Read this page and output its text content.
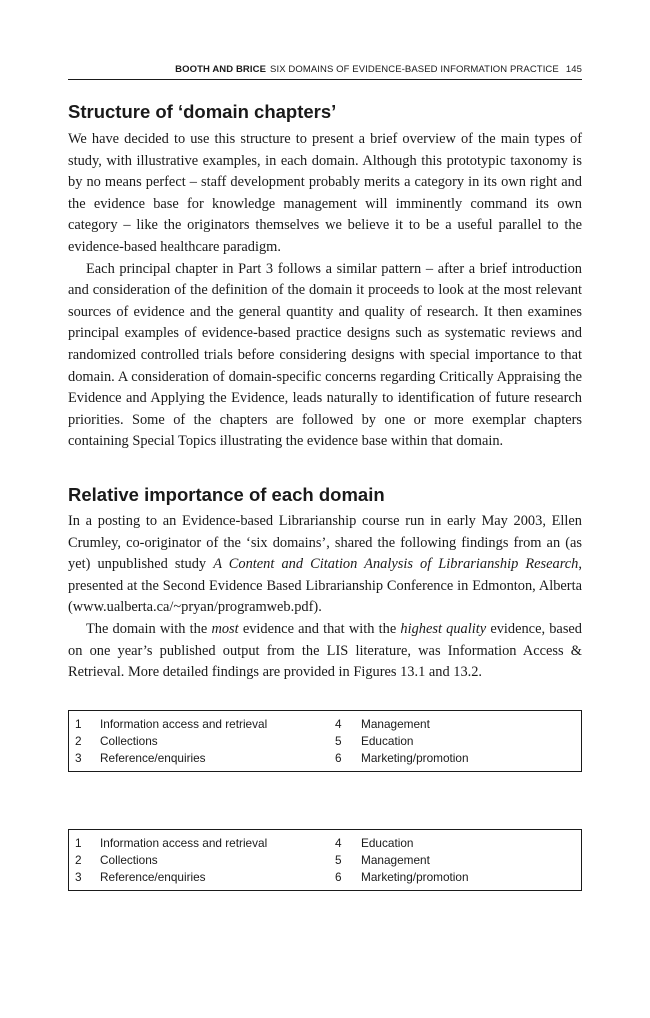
BOOTH AND BRICE SIX DOMAINS OF EVIDENCE-BASED INFORMATION PRACTICE 145
Structure of ‘domain chapters’

We have decided to use this structure to present a brief overview of the main types of study, with illustrative examples, in each domain. Although this prototypic taxonomy is by no means perfect – staff development probably merits a category in its own right and the evidence base for knowledge management will imminently command its own category – like the originators themselves we believe it to be a useful parallel to the evidence-based healthcare paradigm.

Each principal chapter in Part 3 follows a similar pattern – after a brief introduction and consideration of the definition of the domain it proceeds to look at the most relevant sources of evidence and the general quantity and quality of research. It then examines principal examples of evidence-based practice designs such as systematic reviews and randomized controlled trials before considering designs with special importance to that domain. A consideration of domain-specific concerns regarding Critically Appraising the Evidence and Applying the Evidence, leads naturally to identification of future research priorities. Some of the chapters are followed by one or more exemplar chapters containing Special Topics illustrating the evidence base within that domain.

Relative importance of each domain

In a posting to an Evidence-based Librarianship course run in early May 2003, Ellen Crumley, co-originator of the ‘six domains’, shared the following findings from an (as yet) unpublished study A Content and Citation Analysis of Librarianship Research, presented at the Second Evidence Based Librarianship Conference in Edmonton, Alberta (www.ualberta.ca/~pryan/programweb.pdf).

The domain with the most evidence and that with the highest quality evidence, based on one year’s published output from the LIS literature, was Information Access & Retrieval. More detailed findings are provided in Figures 13.1 and 13.2.

1 Information access and retrieval	4 Management
2 Collections	5 Education
3 Reference/enquiries	6 Marketing/promotion
1 Information access and retrieval	4 Education
2 Collections	5 Management
3 Reference/enquiries	6 Marketing/promotion
